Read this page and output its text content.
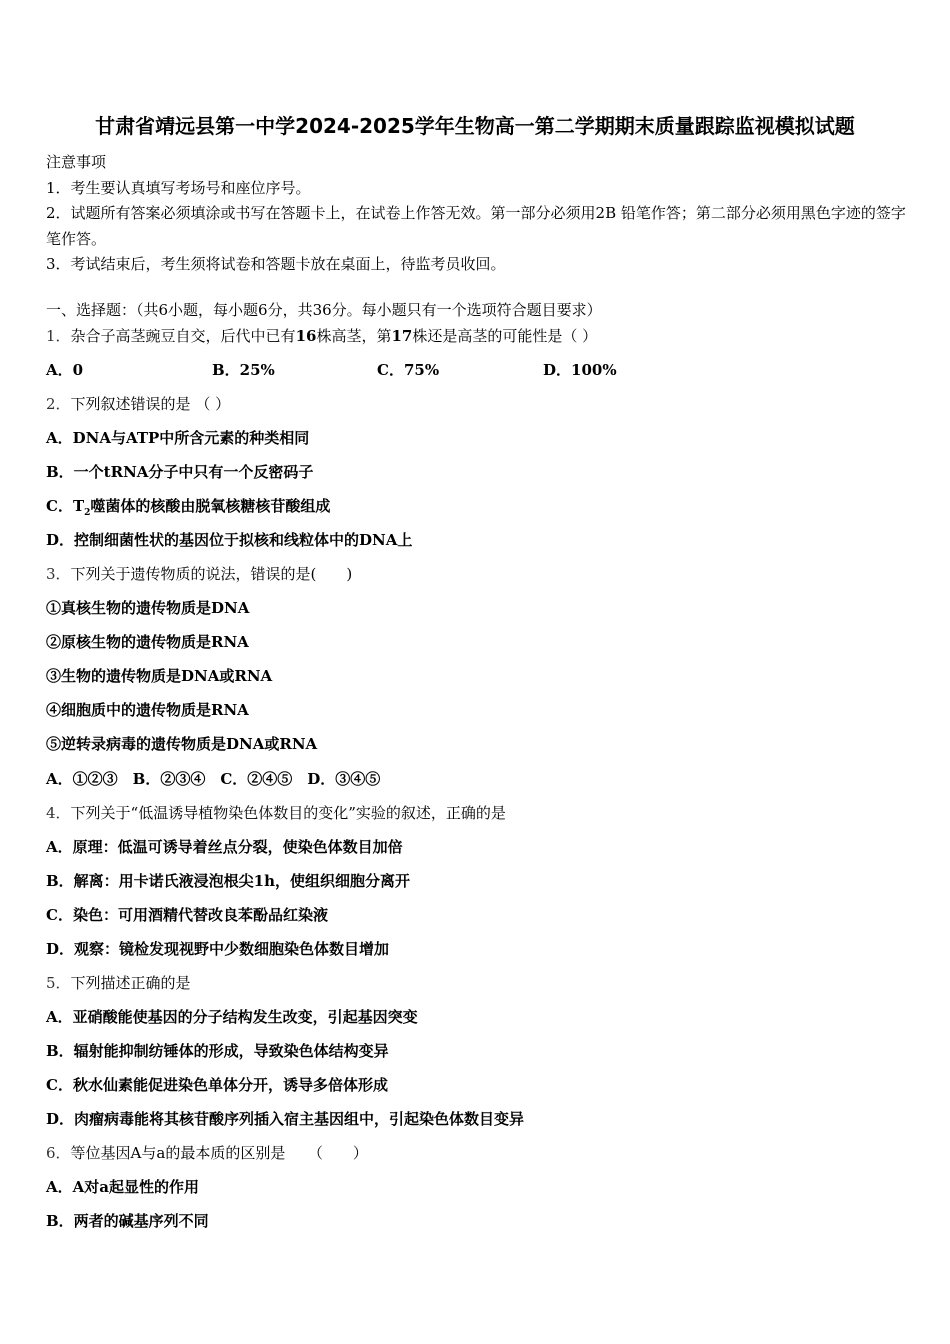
甘肃省靖远县第一中学2024-2025学年生物高一第二学期期末质量跟踪监视模拟试题

注意事项

1．考生要认真填写考场号和座位序号。

2．试题所有答案必须填涂或书写在答题卡上，在试卷上作答无效。第一部分必须用2B 铅笔作答；第二部分必须用黑色字迹的签字笔作答。

3．考试结束后，考生须将试卷和答题卡放在桌面上，待监考员收回。

一、选择题：（共6小题，每小题6分，共36分。每小题只有一个选项符合题目要求）
1．杂合子高茎豌豆自交，后代中已有16株高茎，第17株还是高茎的可能性是（ ）
A．0	B．25%	C．75%	D．100%
2．下列叙述错误的是 （ ）
A．DNA与ATP中所含元素的种类相同
B．一个tRNA分子中只有一个反密码子
C．$T_2$噬菌体的核酸由脱氧核糖核苷酸组成
D．控制细菌性状的基因位于拟核和线粒体中的DNA上
3．下列关于遗传物质的说法，错误的是(　　)
①真核生物的遗传物质是DNA
②原核生物的遗传物质是RNA
③生物的遗传物质是DNA或RNA
④细胞质中的遗传物质是RNA
⑤逆转录病毒的遗传物质是DNA或RNA
A．①②③　B．②③④　C．②④⑤　D．③④⑤
4．下列关于“低温诱导植物染色体数目的变化”实验的叙述，正确的是
A．原理：低温可诱导着丝点分裂，使染色体数目加倍
B．解离：用卡诺氏液浸泡根尖1h，使组织细胞分离开
C．染色：可用酒精代替改良苯酚品红染液
D．观察：镜检发现视野中少数细胞染色体数目增加
5．下列描述正确的是
A．亚硝酸能使基因的分子结构发生改变，引起基因突变
B．辐射能抑制纺锤体的形成，导致染色体结构变异
C．秋水仙素能促进染色单体分开，诱导多倍体形成
D．肉瘤病毒能将其核苷酸序列插入宿主基因组中，引起染色体数目变异
6．等位基因A与a的最本质的区别是　　（　　）
A．A对a起显性的作用
B．两者的碱基序列不同
